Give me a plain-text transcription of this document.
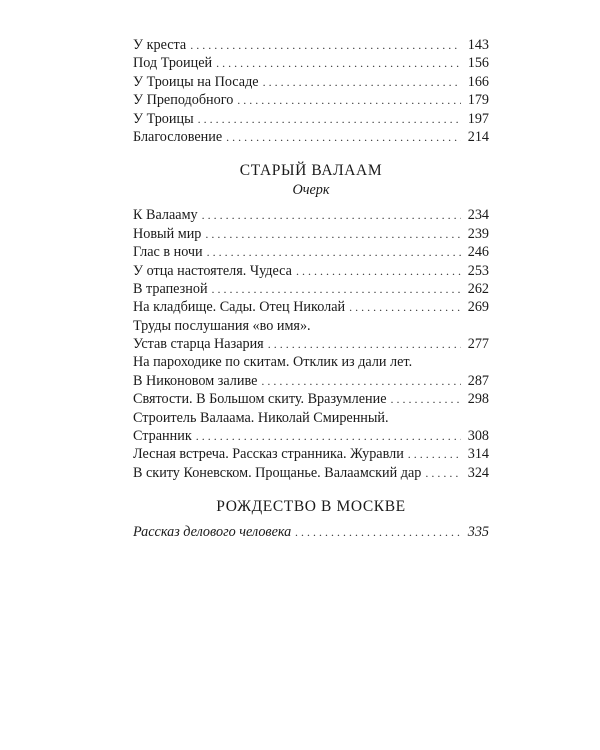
У креста . . .	143
Под Троицей . . .	156
У Троицы на Посаде . . .	166
У Преподобного . . .	179
У Троицы . . .	197
Благословение . . .	214
СТАРЫЙ ВАЛААМ
Очерк
К Валааму . . .	234
Новый мир . . .	239
Глас в ночи . . .	246
У отца настоятеля. Чудеса . . .	253
В трапезной . . .	262
На кладбище. Сады. Отец Николай . . .	269
Труды послушания «во имя».
Устав старца Назария . . .	277
На пароходике по скитам. Отклик из дали лет.
В Никоновом заливе . . .	287
Святости. В Большом скиту. Вразумление . . .	298
Строитель Валаама. Николай Смиренный.
Странник . . .	308
Лесная встреча. Рассказ странника. Журавли . . .	314
В скиту Коневском. Прощанье. Валаамский дар . . .	324
РОЖДЕСТВО В МОСКВЕ
Рассказ делового человека . . .	335
